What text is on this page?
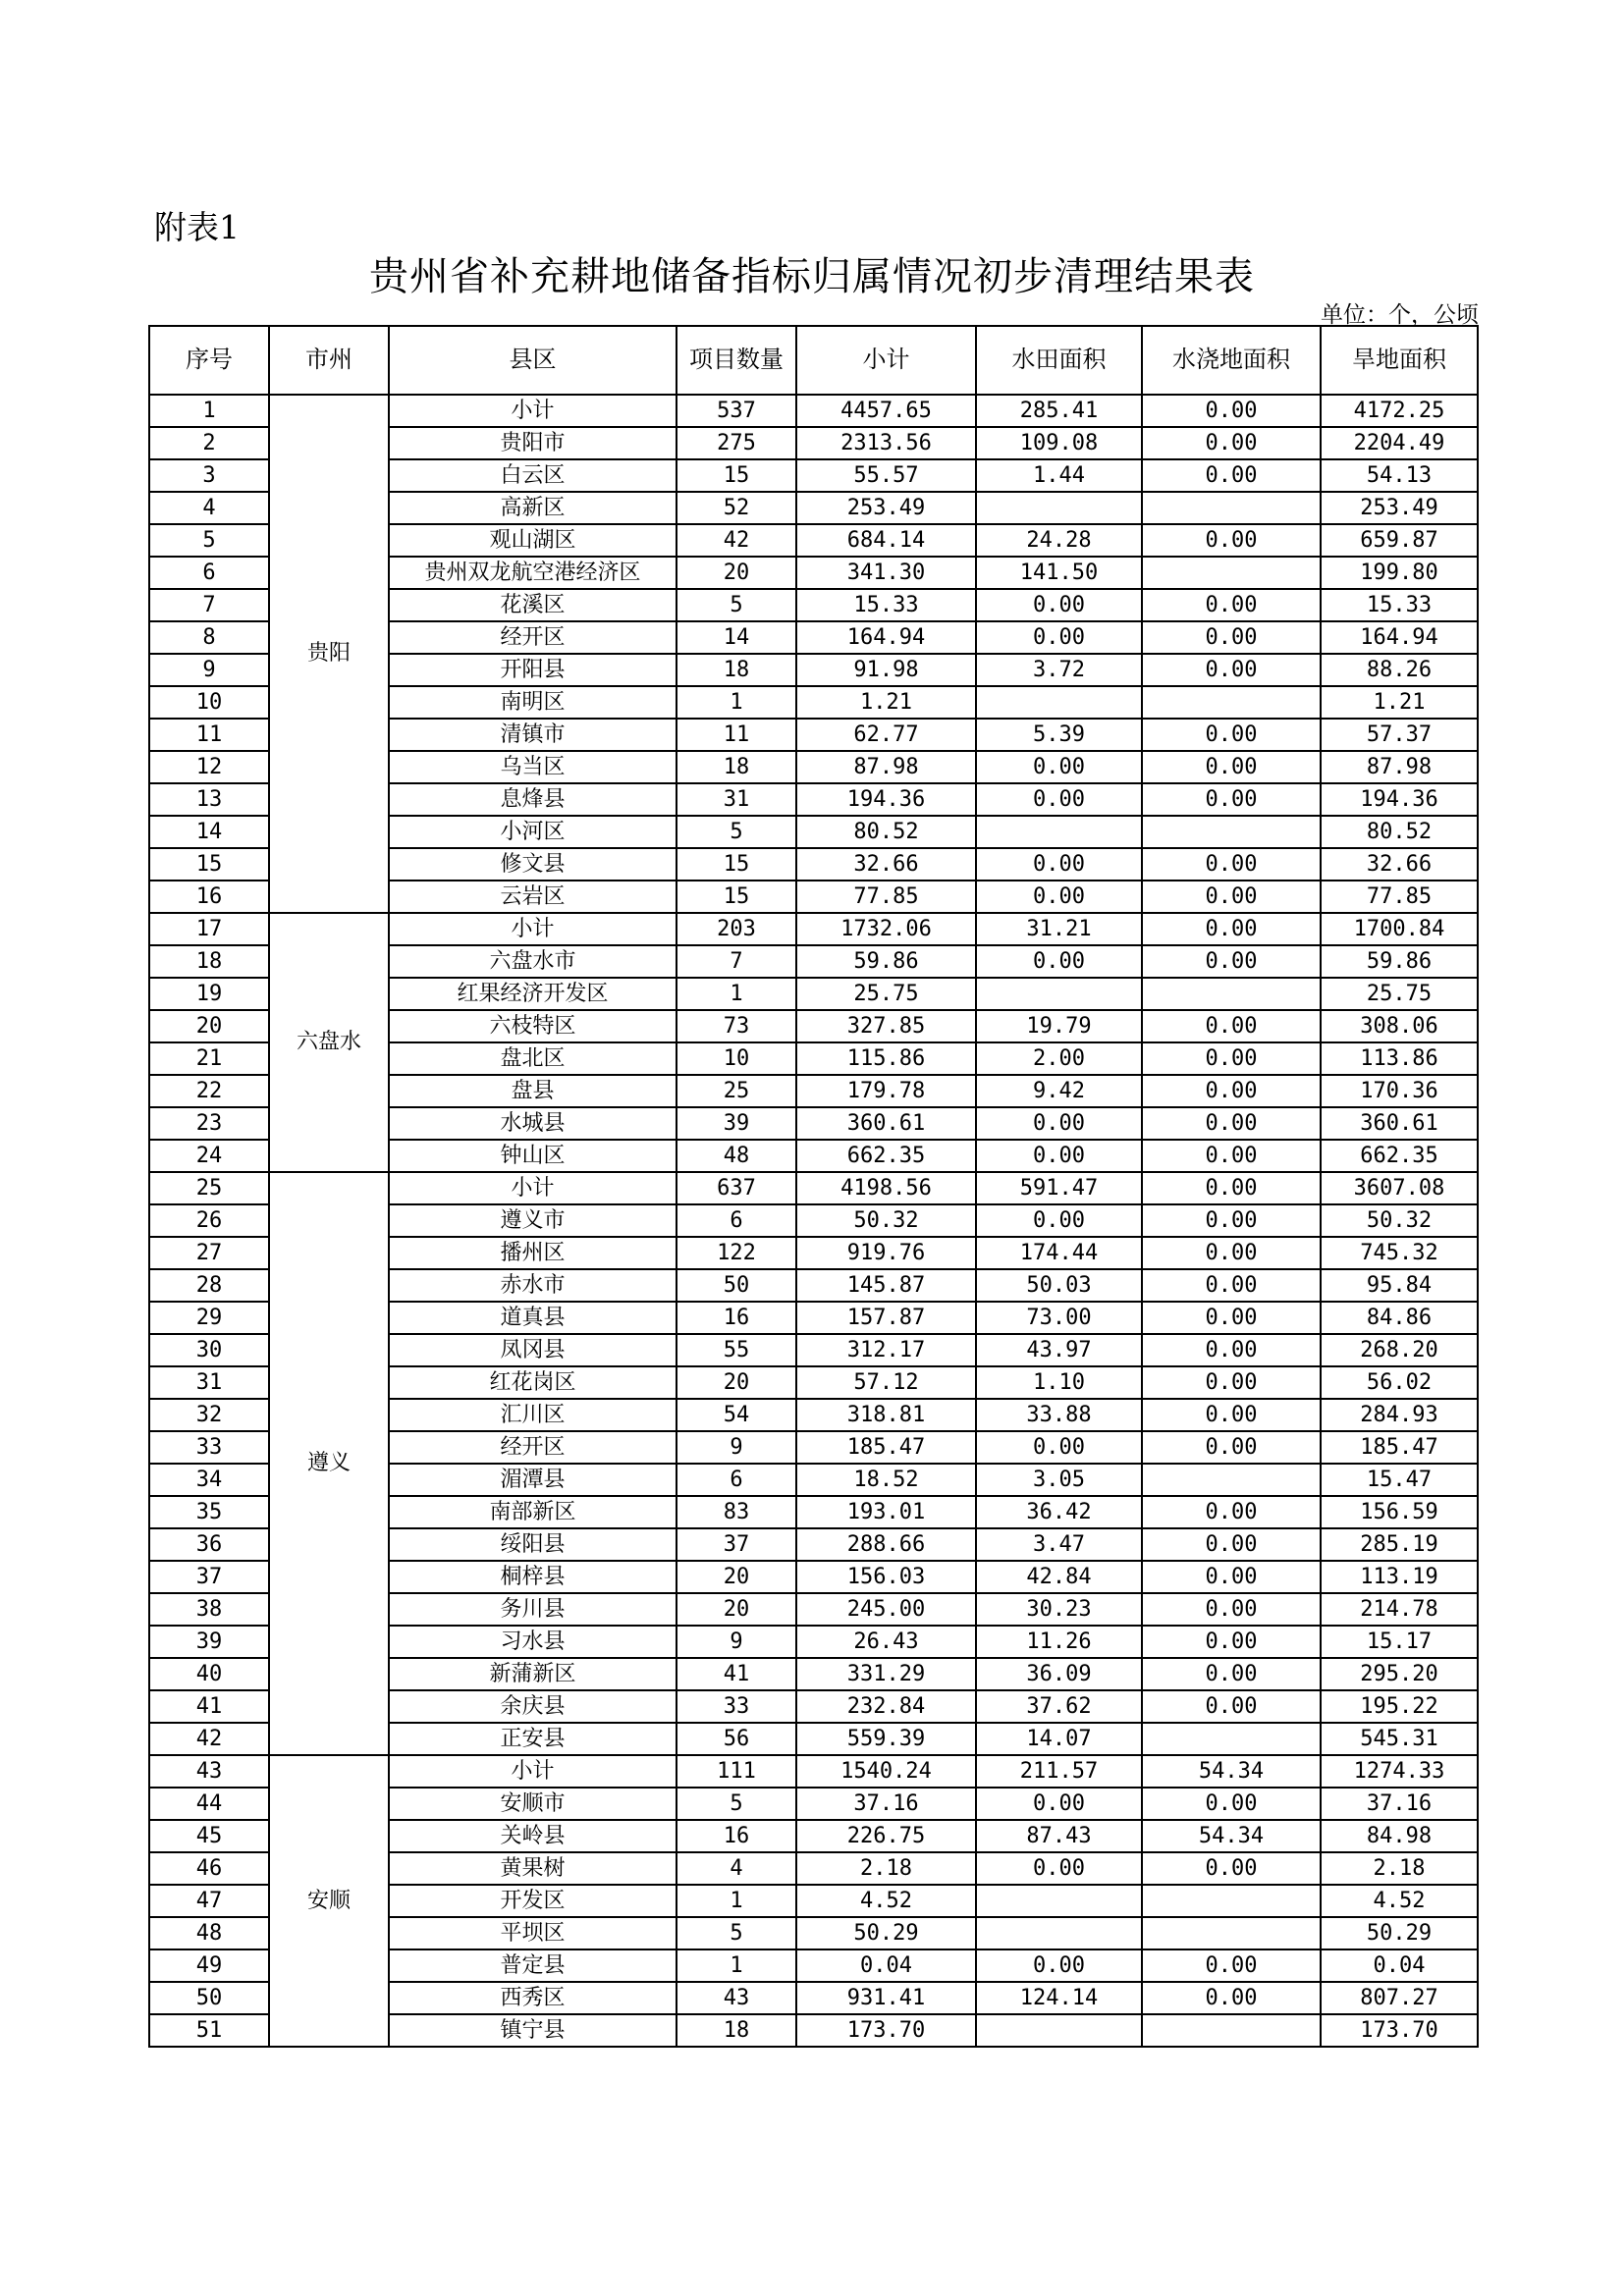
附表1
贵州省补充耕地储备指标归属情况初步清理结果表
单位：个，公顷
序号	市州	县区	项目数量	小计	水田面积	水浇地面积	旱地面积
1	贵阳	小计	537	4457.65	285.41	0.00	4172.25
2		贵阳市	275	2313.56	109.08	0.00	2204.49
3		白云区	15	55.57	1.44	0.00	54.13
4		高新区	52	253.49			253.49
5		观山湖区	42	684.14	24.28	0.00	659.87
6		贵州双龙航空港经济区	20	341.30	141.50		199.80
7		花溪区	5	15.33	0.00	0.00	15.33
8		经开区	14	164.94	0.00	0.00	164.94
9		开阳县	18	91.98	3.72	0.00	88.26
10		南明区	1	1.21			1.21
11		清镇市	11	62.77	5.39	0.00	57.37
12		乌当区	18	87.98	0.00	0.00	87.98
13		息烽县	31	194.36	0.00	0.00	194.36
14		小河区	5	80.52			80.52
15		修文县	15	32.66	0.00	0.00	32.66
16		云岩区	15	77.85	0.00	0.00	77.85
17	六盘水	小计	203	1732.06	31.21	0.00	1700.84
18		六盘水市	7	59.86	0.00	0.00	59.86
19		红果经济开发区	1	25.75			25.75
20		六枝特区	73	327.85	19.79	0.00	308.06
21		盘北区	10	115.86	2.00	0.00	113.86
22		盘县	25	179.78	9.42	0.00	170.36
23		水城县	39	360.61	0.00	0.00	360.61
24		钟山区	48	662.35	0.00	0.00	662.35
25	遵义	小计	637	4198.56	591.47	0.00	3607.08
26		遵义市	6	50.32	0.00	0.00	50.32
27		播州区	122	919.76	174.44	0.00	745.32
28		赤水市	50	145.87	50.03	0.00	95.84
29		道真县	16	157.87	73.00	0.00	84.86
30		凤冈县	55	312.17	43.97	0.00	268.20
31		红花岗区	20	57.12	1.10	0.00	56.02
32		汇川区	54	318.81	33.88	0.00	284.93
33		经开区	9	185.47	0.00	0.00	185.47
34		湄潭县	6	18.52	3.05		15.47
35		南部新区	83	193.01	36.42	0.00	156.59
36		绥阳县	37	288.66	3.47	0.00	285.19
37		桐梓县	20	156.03	42.84	0.00	113.19
38		务川县	20	245.00	30.23	0.00	214.78
39		习水县	9	26.43	11.26	0.00	15.17
40		新蒲新区	41	331.29	36.09	0.00	295.20
41		余庆县	33	232.84	37.62	0.00	195.22
42		正安县	56	559.39	14.07		545.31
43	安顺	小计	111	1540.24	211.57	54.34	1274.33
44		安顺市	5	37.16	0.00	0.00	37.16
45		关岭县	16	226.75	87.43	54.34	84.98
46		黄果树	4	2.18	0.00	0.00	2.18
47		开发区	1	4.52			4.52
48		平坝区	5	50.29			50.29
49		普定县	1	0.04	0.00	0.00	0.04
50		西秀区	43	931.41	124.14	0.00	807.27
51		镇宁县	18	173.70			173.70
